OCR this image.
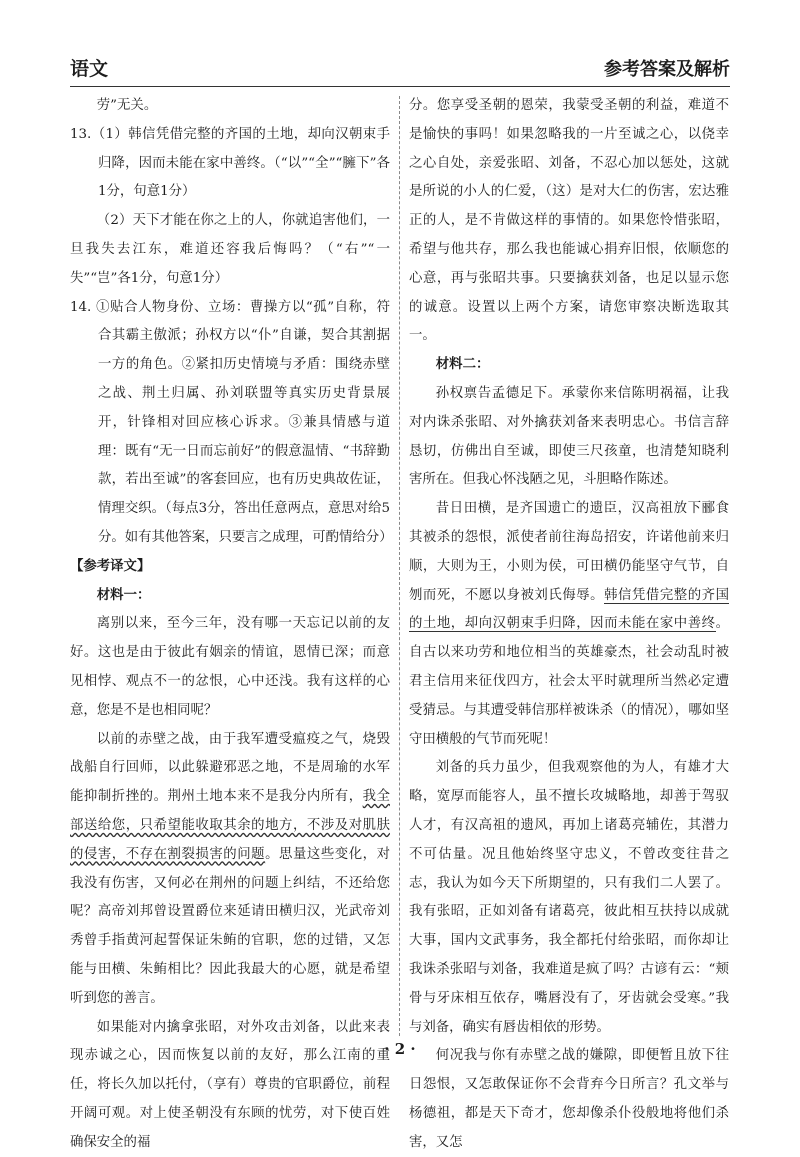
语文	参考答案及解析

劳”无关。

13.（1）韩信凭借完整的齐国的土地，却向汉朝束手归降，因而未能在家中善终。（“以”“全”“臃下”各1分，句意1分）

（2）天下才能在你之上的人，你就追害他们，一旦我失去江东，难道还容我后悔吗？（“右”“一失”“岂”各1分，句意1分）

14. ①贴合人物身份、立场：曹操方以“孤”自称，符合其霸主傲派；孙权方以“仆”自谦，契合其割据一方的角色。②紧扣历史情境与矛盾：围绕赤壁之战、荆土归属、孙刘联盟等真实历史背景展开，针锋相对回应核心诉求。③兼具情感与道理：既有“无一日而忘前好”的假意温情、“书辞勤款，若出至诚”的客套回应，也有历史典故佐证，情理交织。（每点3分，答出任意两点，意思对给5分。如有其他答案，只要言之成理，可酌情给分）

【参考译文】

材料一：

离别以来，至今三年，没有哪一天忘记以前的友好。这也是由于彼此有姻亲的情谊，恩情已深；而意见相悖、观点不一的忿恨，心中还浅。我有这样的心意，您是不是也相同呢？

以前的赤壁之战，由于我军遭受瘟疫之气，烧毁战船自行回师，以此躲避邪恶之地，不是周瑜的水军能抑制折挫的。荆州土地本来不是我分内所有，我全部送给您，只希望能收取其余的地方，不涉及对肌肤的侵害，不存在割裂损害的问题。思量这些变化，对我没有伤害，又何必在荆州的问题上纠结，不还给您呢？高帝刘邦曾设置爵位来延请田横归汉，光武帝刘秀曾手指黄河起誓保证朱鲔的官职，您的过错，又怎能与田横、朱鲔相比？因此我最大的心愿，就是希望听到您的善言。

如果能对内擒拿张昭，对外攻击刘备，以此来表现赤诚之心，因而恢复以前的友好，那么江南的重任，将长久加以托付，（享有）尊贵的官职爵位，前程开阔可观。对上使圣朝没有东顾的忧劳，对下使百姓确保安全的福

分。您享受圣朝的恩荣，我蒙受圣朝的利益，难道不是愉快的事吗！如果忽略我的一片至诚之心，以侥幸之心自处，亲爱张昭、刘备，不忍心加以惩处，这就是所说的小人的仁爱，（这）是对大仁的伤害，宏达雅正的人，是不肯做这样的事情的。如果您怜惜张昭，希望与他共存，那么我也能诚心捐弃旧恨，依顺您的心意，再与张昭共事。只要擒获刘备，也足以显示您的诚意。设置以上两个方案，请您审察决断选取其一。

材料二：

孙权禀告孟德足下。承蒙你来信陈明祸福，让我对内诛杀张昭、对外擒获刘备来表明忠心。书信言辞恳切，仿佛出自至诚，即使三尺孩童，也清楚知晓利害所在。但我心怀浅陋之见，斗胆略作陈述。

昔日田横，是齐国遗亡的遗臣，汉高祖放下郦食其被杀的怨恨，派使者前往海岛招安，许诺他前来归顺，大则为王，小则为侯，可田横仍能坚守气节，自刎而死，不愿以身被刘氏侮辱。韩信凭借完整的齐国的土地，却向汉朝束手归降，因而未能在家中善终。自古以来功劳和地位相当的英雄豪杰，社会动乱时被君主信用来征伐四方，社会太平时就理所当然必定遭受猜忌。与其遭受韩信那样被诛杀（的情况），哪如坚守田横般的气节而死呢！

刘备的兵力虽少，但我观察他的为人，有雄才大略，宽厚而能容人，虽不擅长攻城略地，却善于驾驭人才，有汉高祖的遗风，再加上诸葛亮辅佐，其潜力不可估量。况且他始终坚守忠义，不曾改变往昔之志，我认为如今天下所期望的，只有我们二人罢了。我有张昭，正如刘备有诸葛亮，彼此相互扶持以成就大事，国内文武事务，我全都托付给张昭，而你却让我诛杀张昭与刘备，我难道是疯了吗？古谚有云：“颊骨与牙床相互依存，嘴唇没有了，牙齿就会受寒。”我与刘备，确实有唇齿相依的形势。

何况我与你有赤壁之战的嫌隙，即便暂且放下往日怨恨，又怎敢保证你不会背弃今日所言？孔文举与杨德祖，都是天下奇才，您却像杀仆役般地将他们杀害，又怎

· 2 ·
